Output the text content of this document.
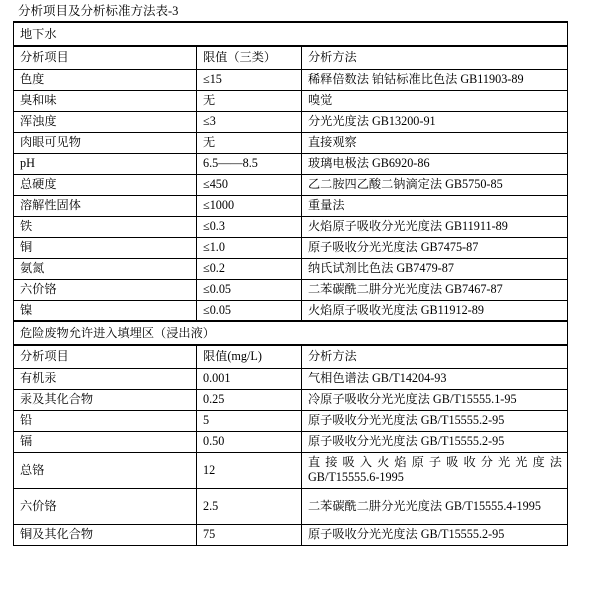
分析项目及分析标准方法表-3
地下水		

分析项目	限值（三类）	分析方法
色度	≤15	稀释倍数法 铂钴标准比色法 GB11903-89
臭和味	无	嗅觉
浑浊度	≤3	分光光度法 GB13200-91
肉眼可见物	无	直接观察
pH	6.5——8.5	玻璃电极法 GB6920-86
总硬度	≤450	乙二胺四乙酸二钠滴定法 GB5750-85
溶解性固体	≤1000	重量法
铁	≤0.3	火焰原子吸收分光光度法 GB11911-89
铜	≤1.0	原子吸收分光光度法 GB7475-87
氨氮	≤0.2	纳氏试剂比色法 GB7479-87
六价铬	≤0.05	二苯碳酰二肼分光光度法 GB7467-87
镍	≤0.05	火焰原子吸收光度法 GB11912-89

危险废物允许进入填埋区（浸出液）		

分析项目	限值(mg/L)	分析方法
有机汞	0.001	气相色谱法 GB/T14204-93
汞及其化合物	0.25	冷原子吸收分光光度法 GB/T15555.1-95
铅	5	原子吸收分光光度法 GB/T15555.2-95
镉	0.50	原子吸收分光光度法 GB/T15555.2-95
总铬	12	直接吸入火焰原子吸收分光光度法 GB/T15555.6-1995
六价铬	2.5	二苯碳酰二肼分光光度法 GB/T15555.4-1995
铜及其化合物	75	原子吸收分光光度法 GB/T15555.2-95
